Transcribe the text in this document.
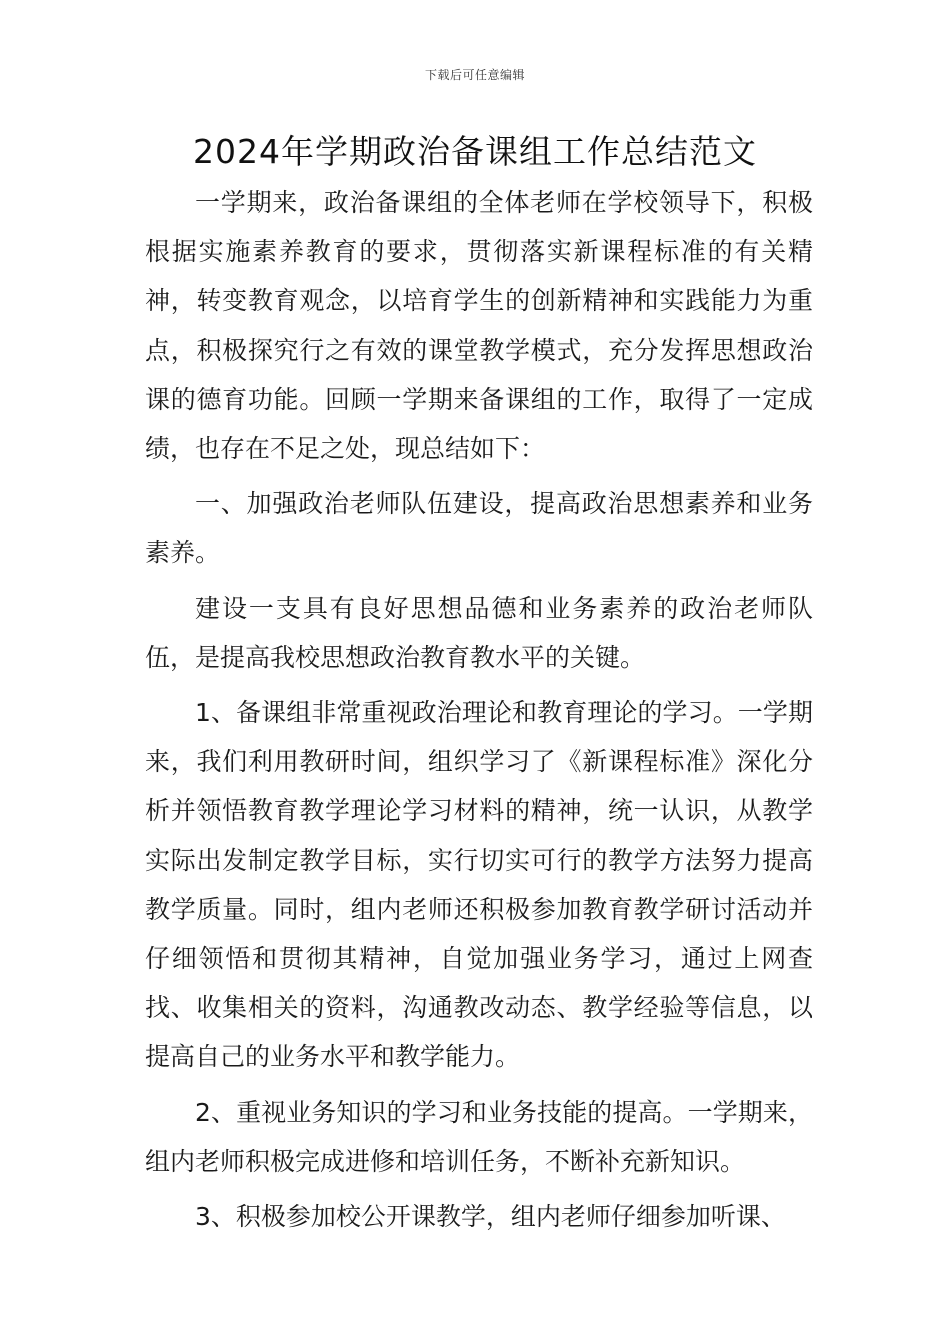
下载后可任意编辑
2024年学期政治备课组工作总结范文

一学期来，政治备课组的全体老师在学校领导下，积极根据实施素养教育的要求，贯彻落实新课程标准的有关精神，转变教育观念，以培育学生的创新精神和实践能力为重点，积极探究行之有效的课堂教学模式，充分发挥思想政治课的德育功能。回顾一学期来备课组的工作，取得了一定成绩，也存在不足之处，现总结如下：

一、加强政治老师队伍建设，提高政治思想素养和业务素养。

建设一支具有良好思想品德和业务素养的政治老师队伍，是提高我校思想政治教育教水平的关键。

1、备课组非常重视政治理论和教育理论的学习。一学期来，我们利用教研时间，组织学习了《新课程标准》深化分析并领悟教育教学理论学习材料的精神，统一认识，从教学实际出发制定教学目标，实行切实可行的教学方法努力提高教学质量。同时，组内老师还积极参加教育教学研讨活动并仔细领悟和贯彻其精神，自觉加强业务学习，通过上网查找、收集相关的资料，沟通教改动态、教学经验等信息，以提高自己的业务水平和教学能力。

2、重视业务知识的学习和业务技能的提高。一学期来，组内老师积极完成进修和培训任务，不断补充新知识。

3、积极参加校公开课教学，组内老师仔细参加听课、
